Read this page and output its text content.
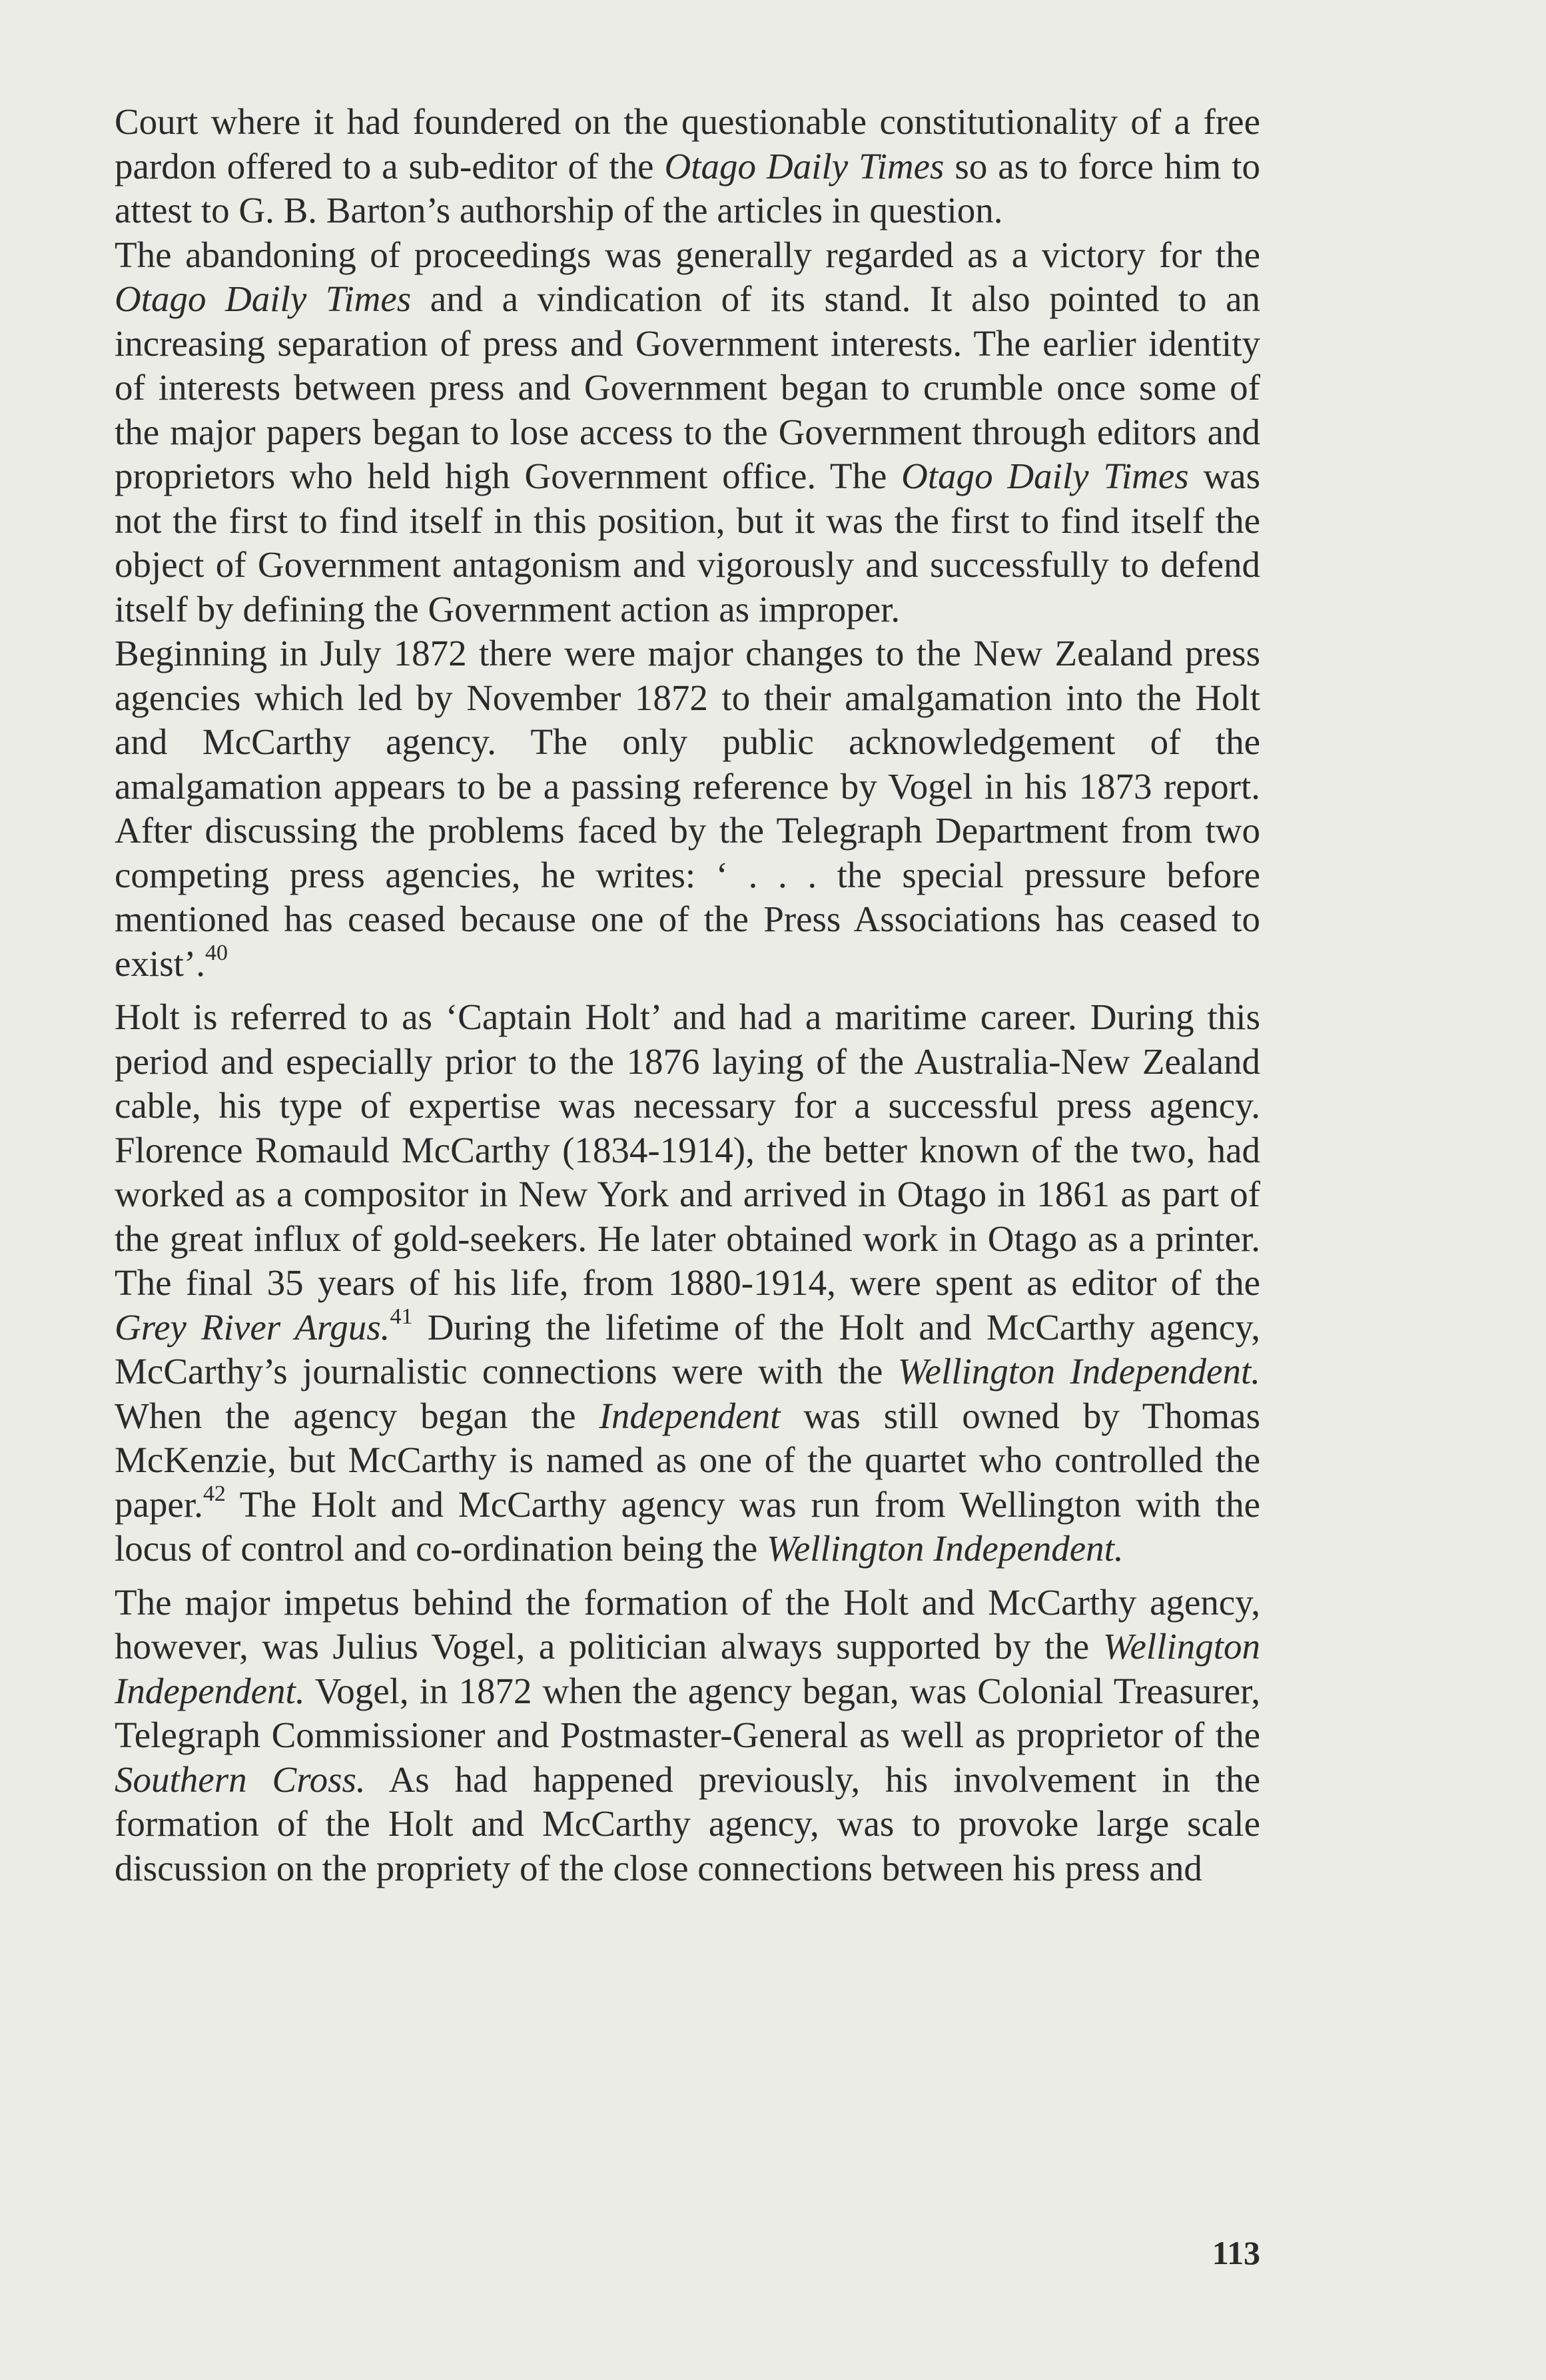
Court where it had foundered on the questionable constitutionality of a free pardon offered to a sub-editor of the Otago Daily Times so as to force him to attest to G. B. Barton’s authorship of the articles in question.

The abandoning of proceedings was generally regarded as a victory for the Otago Daily Times and a vindication of its stand. It also pointed to an increasing separation of press and Government interests. The earlier identity of interests between press and Government began to crumble once some of the major papers began to lose access to the Government through editors and proprietors who held high Government office. The Otago Daily Times was not the first to find itself in this position, but it was the first to find itself the object of Government antagonism and vigorously and successfully to defend itself by defining the Government action as improper.

Beginning in July 1872 there were major changes to the New Zealand press agencies which led by November 1872 to their amalgamation into the Holt and McCarthy agency. The only public acknowledgement of the amalgamation appears to be a passing reference by Vogel in his 1873 report. After discussing the problems faced by the Telegraph Department from two competing press agencies, he writes: ‘ . . . the special pressure before mentioned has ceased because one of the Press Associations has ceased to exist’.$^{40}$

Holt is referred to as ‘Captain Holt’ and had a maritime career. During this period and especially prior to the 1876 laying of the Australia-New Zealand cable, his type of expertise was necessary for a successful press agency. Florence Romauld McCarthy (1834-1914), the better known of the two, had worked as a compositor in New York and arrived in Otago in 1861 as part of the great influx of gold-seekers. He later obtained work in Otago as a printer. The final 35 years of his life, from 1880-1914, were spent as editor of the Grey River Argus.$^{41}$ During the lifetime of the Holt and McCarthy agency, McCarthy’s journalistic connections were with the Wellington Independent. When the agency began the Independent was still owned by Thomas McKenzie, but McCarthy is named as one of the quartet who controlled the paper.$^{42}$ The Holt and McCarthy agency was run from Wellington with the locus of control and co-ordination being the Wellington Independent.

The major impetus behind the formation of the Holt and McCarthy agency, however, was Julius Vogel, a politician always supported by the Wellington Independent. Vogel, in 1872 when the agency began, was Colonial Treasurer, Telegraph Commissioner and Postmaster-General as well as proprietor of the Southern Cross. As had happened previously, his involvement in the formation of the Holt and McCarthy agency, was to provoke large scale discussion on the propriety of the close connections between his press and

113
